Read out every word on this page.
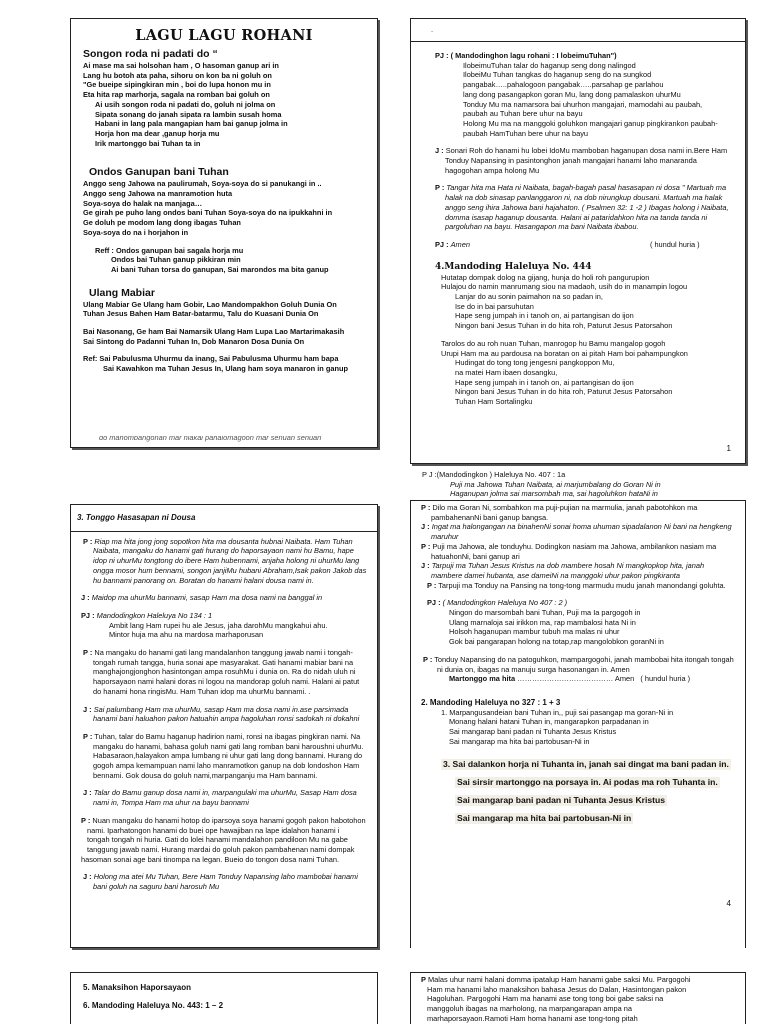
LAGU LAGU ROHANI
Songon roda ni padati do “
Ai mase ma sai holsohan ham , O hasoman ganup ari in
Lang hu botoh ata paha, sihoru on kon ba ni goluh on
"Ge bueipe sipingkiran min , boi do lupa honon mu in
Eta hita rap marhorja, sagala na romban bai goluh on
Ai usih songon roda ni padati do, goluh ni jolma on
Sipata sonang do janah sipata ra lambin susah homa
Habani in lang pala mangapian ham bai ganup jolma in
Horja hon ma dear ,ganup horja mu
Irik martonggo bai Tuhan ta in
Ondos Ganupan bani Tuhan
Anggo seng Jahowa na paulirumah, Soya-soya do si panukangi in ..
Anggo seng Jahowa na manramotion huta
Soya-soya do halak na manjaga…
Ge girah pe puho lang ondos bani Tuhan Soya-soya do na ipukkahni in
Ge doluh pe modom lang dong ibagas Tuhan
Soya-soya do na i horjahon in
Reff : Ondos ganupan bai sagala horja mu
Ondos bai Tuhan ganup pikkiran min
Ai bani Tuhan torsa do ganupan, Sai marondos ma bita ganup
Ulang Mabiar
Ulang Mabiar Ge Ulang ham Gobir, Lao Mandompakhon Goluh Dunia On
Tuhan Jesus Bahen Ham Batar-batarmu, Talu do Kuasani Dunia On
Bai Nasonang, Ge ham Bai Namarsik Ulang Ham Lupa Lao Martarimakasih
Sai Sintong do Padanni Tuhan In, Dob Manaron Dosa Dunia On
Ref: Sai Pabulusma Uhurmu da inang, Sai Pabulusma Uhurmu ham bapa
Sai Kawahkon ma Tuhan Jesus In, Ulang ham soya manaron in ganup
do mahombangonan mar niakai pahalomagoon mar senuan senuari
.
PJ : ( Mandodinghon lagu rohani : I lobeimuTuhan")
IlobeimuTuhan talar do haganup seng dong nalingod
IlobeiMu Tuhan tangkas do haganup seng do na sungkod
pangabak…..pahalogoon pangabak…..parsahap ge parlahou
lang dong pasangapkon goran Mu, lang dong pamalaskon uhurMu
Tonduy Mu ma namarsora bai uhurhon mangajari, mamodahi au paubah,
paubah au Tuhan bere uhur na bayu
Holong Mu ma na manggoki goluhkon mangajari ganup pingkirankon paubah-
paubah HamTuhan bere uhur na bayu
J : Sonari Roh do hanami hu lobei IdoMu mamboban haganupan dosa nami in.Bere Ham Tonduy Napansing in pasintonghon janah mangajari hanami laho manaranda hagogohan ampa holong Mu
P : Tangar hita ma Hata ni Naibata, bagah-bagah pasal hasasapan ni dosa " Martuah ma halak na dob sinasap panlanggaron ni, na dob nirungkup dousani. Martuah ma halak anggo seng ihira Jahowa bani hajahaton. ( Psalmen 32: 1 -2 ) Ibagas holong i Naibata, domma isasap haganup dousanta. Halani ai pataridahkon hita na tanda tanda ni pargoluhan na bayu. Hasangapon ma bani Naibata ibabou.
PJ : Amen	( hundul huria )
4.Mandoding Haleluya No. 444
Hutatap dompak dolog na gijang, hunja do holi roh pangurupion
Hulajou do namin manrumang siou na madaoh, usih do in manampin logou
Lanjar do au sonin paimahon na so padan in,
Ise do in bai parsuhutan
Hape seng jumpah in i tanoh on, ai partangisan do ijon
Ningon bani Jesus Tuhan in do hita roh, Paturut Jesus Patorsahon
Tarolos do au roh nuan Tuhan, manrogop hu Bamu mangalop gogoh
Urupi Ham ma au pardousa na boratan on ai pitah Ham boi pahampungkon
Hudingat do tong tong jengesni pangkoppon Mu,
na matei Ham ibaen dosangku,
Hape seng jumpah in i tanoh on, ai partangisan do ijon
Ningon bani Jesus Tuhan in do hita roh, Paturut Jesus Patorsahon
Tuhan Ham Sortalingku
1
3. Tonggo Hasasapan ni Dousa
P : Riap ma hita jong jong sopotkon hita ma dousanta hubnai Naibata. Ham Tuhan Naibata, mangaku do hanami gati hurang do haporsayaon nami hu Bamu, hape idop ni uhurMu tongtong do ibere Ham hubennami, anjaha holong ni uhurMu lang ongga mosor hum bennami, songon janjiMu hubani Abraham,Isak pakon Jakob das hu bannami panorang on. Boratan do hanami halani dousa nami in.
J : Maidop ma uhurMu bannami, sasap Ham ma dosa nami na banggal in
PJ : Mandodingkon Haleluya No 134 : 1
Ambit lang Ham rupei hu ale Jesus, jaha darohMu mangkahui ahu.
Mintor huja ma ahu na mardosa marhaporusan
P : Na mangaku do hanami gati lang mandalanhon tanggung jawab nami i tongah-tongah rumah tangga, huria sonai ape masyarakat. Gati hanami mabiar bani na manghajongjonghon hasintongan ampa rosuhMu i dunia on. Ra do nidah uluh ni haporsayaon nami halani doras ni logou na mandorap goluh nami. Halani ai patut do hanami hona ringisMu. Ham Tuhan idop ma uhurMu bannami. .
J : Sai palumbang Ham ma uhurMu, sasap Ham ma dosa nami in.ase parsimada hanami bani haluahon pakon hatuahin ampa hagoluhan ronsi sadokah ni dokahni
P : Tuhan, talar do Bamu haganup hadirion nami, ronsi na ibagas pingkiran nami. Na mangaku do hanami, bahasa goluh nami gati lang romban bani haroushni uhurMu. Habasaraon,halayakon ampa lumbang ni uhur gati lang dong bannami. Hurang do gogoh ampa kemampuan nami laho manramotkon ganup na dob londoshon Ham bennami. Gok dousa do goluh nami,marpanganju ma Ham bannami.
J : Talar do Bamu ganup dosa nami in, marpangulaki ma uhurMu, Sasap Ham dosa nami in, Tompa Ham ma uhur na bayu bannami
P : Nuan mangaku do hanami hotop do iparsoya soya hanami gogoh pakon habotohon
nami. Iparhatongon hanami do buei ope hawajiban na lape idalahon hanami i
tongah tongah ni huria. Gati do lolei hanami mandalahon pandiloon Mu na gabe
tanggung jawab nami. Hurang mardai do goluh pakon pambahenan nami dompak
hasoman sonai age bani tinompa na legan. Bueio do tongon dosa nami Tuhan.
J : Holong ma atei Mu Tuhan, Bere Ham Tonduy Napansing laho mambobai hanami bani goluh na saguru bani harosuh Mu
P J :(Mandodingkon ) Haleluya No. 407 : 1a
Puji ma Jahowa Tuhan Naibata, ai marjumbalang do Goran Ni in
Haganupan jolma sai marsombah ma, sai hagoluhkon hataNi in
P : Dilo ma Goran Ni, sombahkon ma puji-pujian na marmulia, janah pabotohkon ma pambahenanNi bani ganup bangsa.
J : Ingat ma halongangan na binahenNi sonai homa uhuman sipadalanon Ni bani na hengkeng maruhur
P : Puji ma Jahowa, ale tonduyhu. Dodingkon nasiam ma Jahowa, ambilankon nasiam ma hatuahonNi, bani ganup ari
J : Tarpuji ma Tuhan Jesus Kristus na dob mambere hosah Ni mangkopkop hita, janah mambere damei hubanta, ase dameiNi na manggoki uhur pakon pingkiranta
P : Tarpuji ma Tonduy na Pansing na tong-tong marmudu mudu janah manondangi goluhta.
PJ : ( Mandodingkon Haleluya No 407 : 2 )
Ningon do marsombah bani Tuhan, Puji ma Ia pargogoh in
Ulang marnaloja sai irikkon ma, rap mambalosi hata Ni in
Holsoh haganupan mambur tubuh ma malas ni uhur
Gok bai pangarapan holong na totap,rap mangolobkon goranNi in
P : Tonduy Napansing do na patoguhkon, mampargogohi, janah mambobai hita itongah tongah ni dunia on, ibagas na manuju surga hasonangan in. Amen
Martonggo ma hita ………………………………… Amen ( hundul huria )
2. Mandoding Haleluya no 327 : 1 + 3
1. Marpangusandeian bani Tuhan in,, puji sai pasangap ma goran-Ni in
Monang halani hatani Tuhan in, mangarapkon parpadanan in
Sai mangarap bani padan ni Tuhanta Jesus Kristus
Sai mangarap ma hita bai partobusan-Ni in
3. Sai dalankon horja ni Tuhanta in, janah sai dingat ma bani padan in.
Sai sirsir martonggo na porsaya in. Ai podas ma roh Tuhanta in.
Sai mangarap bani padan ni Tuhanta Jesus Kristus
Sai mangarap ma hita bai partobusan-Ni in
4
5. Manaksihon Haporsayaon
6. Mandoding Haleluya No. 443: 1 – 2
P Malas uhur nami halani domma ipatalup Ham hanami gabe saksi Mu. Pargogohi
Ham ma hanami laho manaksihon bahasa Jesus do Dalan, Hasintongan pakon
Hagoluhan. Pargogohi Ham ma hanami ase tong tong boi gabe saksi na
manggoluh ibagas na marholong, na marpangarapan ampa na
marhaporsayaon.Ramoti Ham homa hanami ase tong-tong pitah
